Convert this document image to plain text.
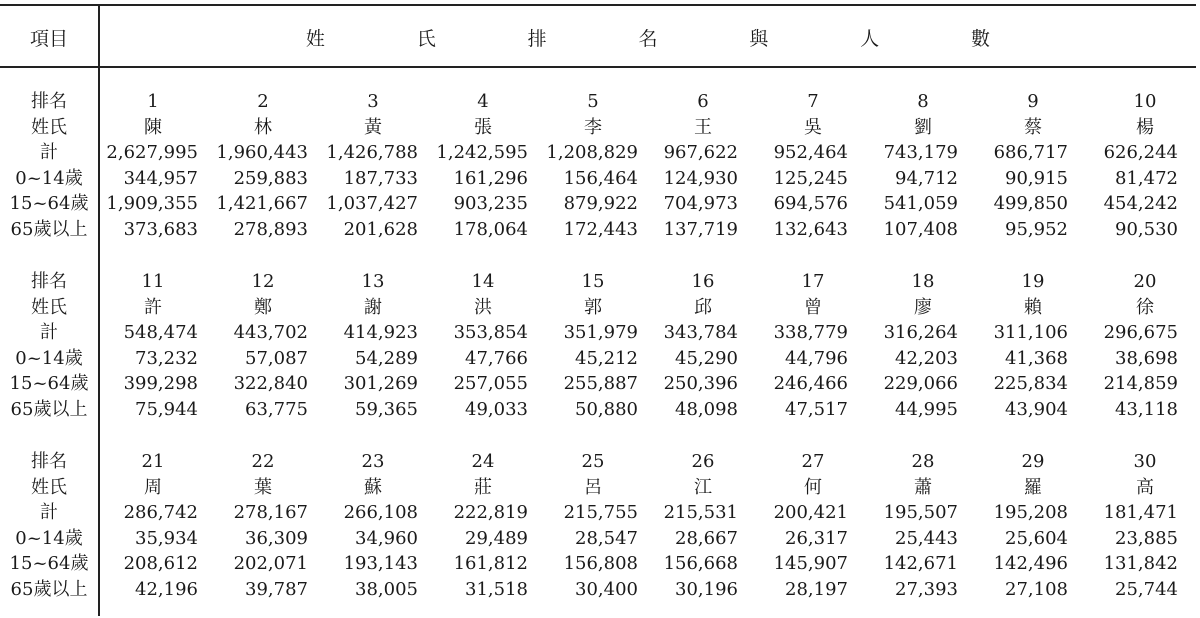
項目	姓	氏	排	名	與	人	數
排名	1	2	3	4	5	6	7	8	9	10
姓氏	陳	林	黃	張	李	王	吳	劉	蔡	楊
計	2,627,995	1,960,443	1,426,788	1,242,595	1,208,829	967,622	952,464	743,179	686,717	626,244
0~14歲	344,957	259,883	187,733	161,296	156,464	124,930	125,245	94,712	90,915	81,472
15~64歲 1,909,355	1,421,667	1,037,427	903,235	879,922	704,973	694,576	541,059	499,850	454,242
65歲以上	373,683	278,893	201,628	178,064	172,443	137,719	132,643	107,408	95,952	90,530
排名	11	12	13	14	15	16	17	18	19	20
姓氏	許	鄭	謝	洪	郭	邱	曾	廖	賴	徐
計	548,474	443,702	414,923	353,854	351,979	343,784	338,779	316,264	311,106	296,675
0~14歲	73,232	57,087	54,289	47,766	45,212	45,290	44,796	42,203	41,368	38,698
15~64歲	399,298	322,840	301,269	257,055	255,887	250,396	246,466	229,066	225,834	214,859
65歲以上	75,944	63,775	59,365	49,033	50,880	48,098	47,517	44,995	43,904	43,118
排名	21	22	23	24	25	26	27	28	29	30
姓氏	周	葉	蘇	莊	呂	江	何	蕭	羅	高
計	286,742	278,167	266,108	222,819	215,755	215,531	200,421	195,507	195,208	181,471
0~14歲	35,934	36,309	34,960	29,489	28,547	28,667	26,317	25,443	25,604	23,885
15~64歲	208,612	202,071	193,143	161,812	156,808	156,668	145,907	142,671	142,496	131,842
65歲以上	42,196	39,787	38,005	31,518	30,400	30,196	28,197	27,393	27,108	25,744
